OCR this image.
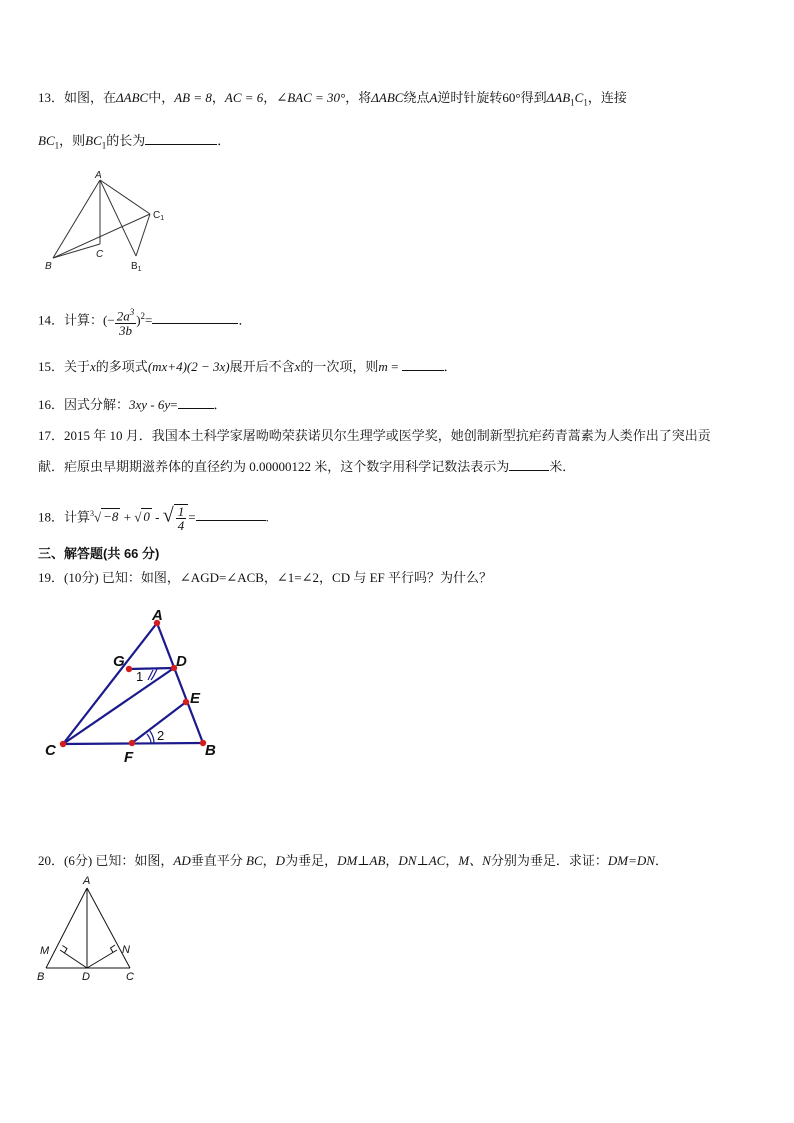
13．如图，在ΔABC中，AB = 8，AC = 6，∠BAC = 30°，将ΔABC绕点A逆时针旋转60°得到$\Delta AB_1C_1$，连接
$BC_1$，则$BC_1$的长为	．
A
B
C
$C_1$
$B_1$
14．计算：(− $\frac{2a^3}{3b} )^2=$	．
15．关于x的多项式(mx+4)(2 − 3x)展开后不含x的一次项，则m =	．
16．因式分解：3xy - 6y=	．
17．2015 年 10 月．我国本土科学家屠呦呦荣获诺贝尔生理学或医学奖，她创制新型抗疟药青蒿素为人类作出了突出贡
献．疟原虫早期期滋养体的直径约为 0.00000122 米，这个数字用科学记数法表示为	米．
18．计算$^3$√ −8 + √ 0 - √ $\frac{1}{4}$ =	.
三、解答题(共 66 分)
19．(10分) 已知：如图，∠AGD=∠ACB，∠1=∠2，CD 与 EF 平行吗？为什么？
A
G	D
E
C	F	B
1
2
20．(6分) 已知：如图，AD垂直平分 BC，D为垂足，DM⊥AB，DN⊥AC，M、N分别为垂足．求证：DM=DN．
A
M	N
B	D	C
